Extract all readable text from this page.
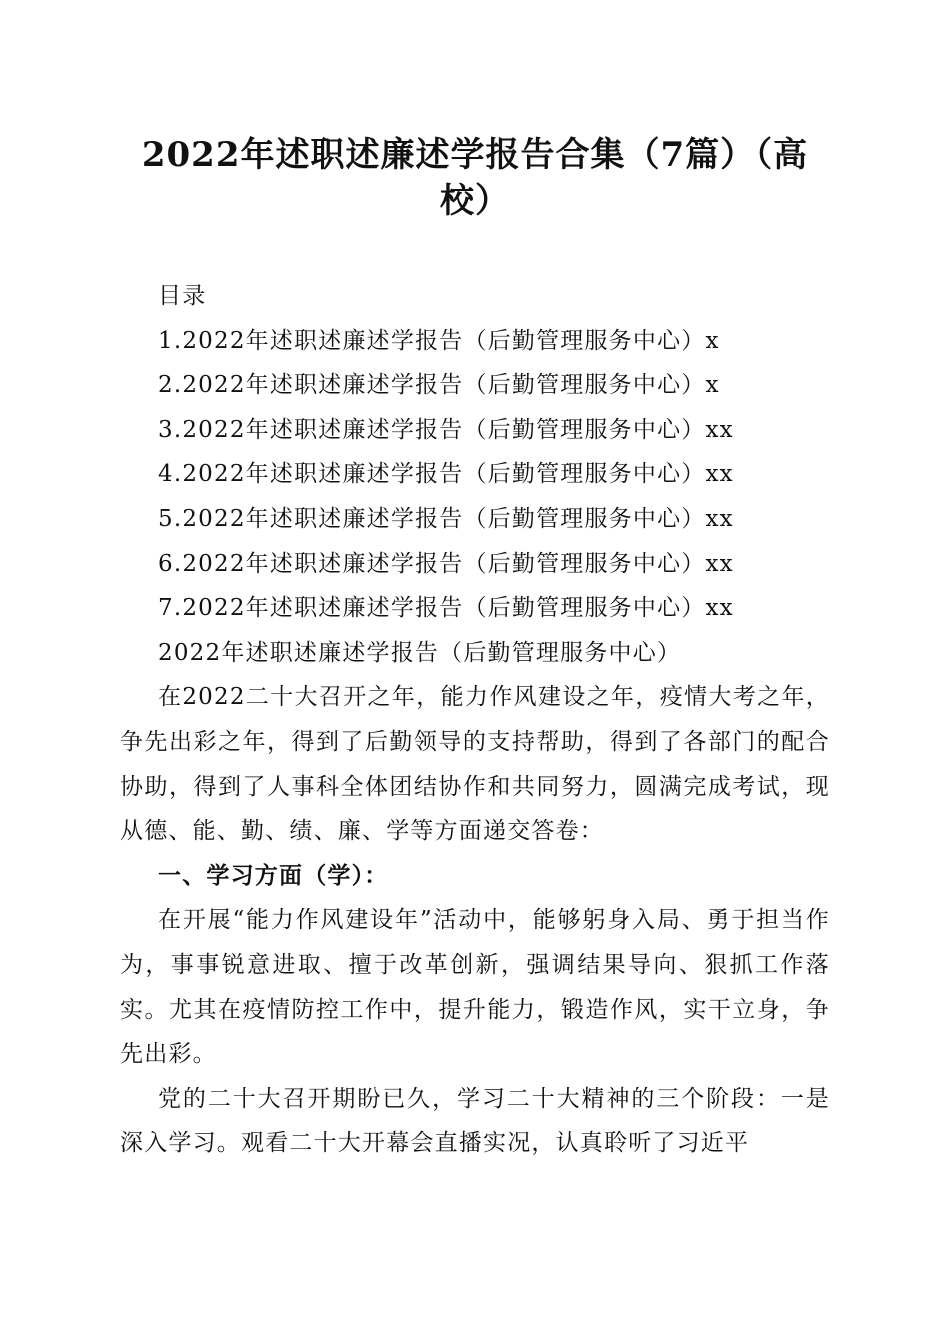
2022年述职述廉述学报告合集（7篇）（高校）
目录
1.2022年述职述廉述学报告（后勤管理服务中心）x
2.2022年述职述廉述学报告（后勤管理服务中心）x
3.2022年述职述廉述学报告（后勤管理服务中心）xx
4.2022年述职述廉述学报告（后勤管理服务中心）xx
5.2022年述职述廉述学报告（后勤管理服务中心）xx
6.2022年述职述廉述学报告（后勤管理服务中心）xx
7.2022年述职述廉述学报告（后勤管理服务中心）xx
2022年述职述廉述学报告（后勤管理服务中心）
在2022二十大召开之年，能力作风建设之年，疫情大考之年，争先出彩之年，得到了后勤领导的支持帮助，得到了各部门的配合协助，得到了人事科全体团结协作和共同努力，圆满完成考试，现从德、能、勤、绩、廉、学等方面递交答卷：
一、学习方面（学）：
在开展“能力作风建设年”活动中，能够躬身入局、勇于担当作为，事事锐意进取、擅于改革创新，强调结果导向、狠抓工作落实。尤其在疫情防控工作中，提升能力，锻造作风，实干立身，争先出彩。
党的二十大召开期盼已久，学习二十大精神的三个阶段：一是深入学习。观看二十大开幕会直播实况，认真聆听了习近平
